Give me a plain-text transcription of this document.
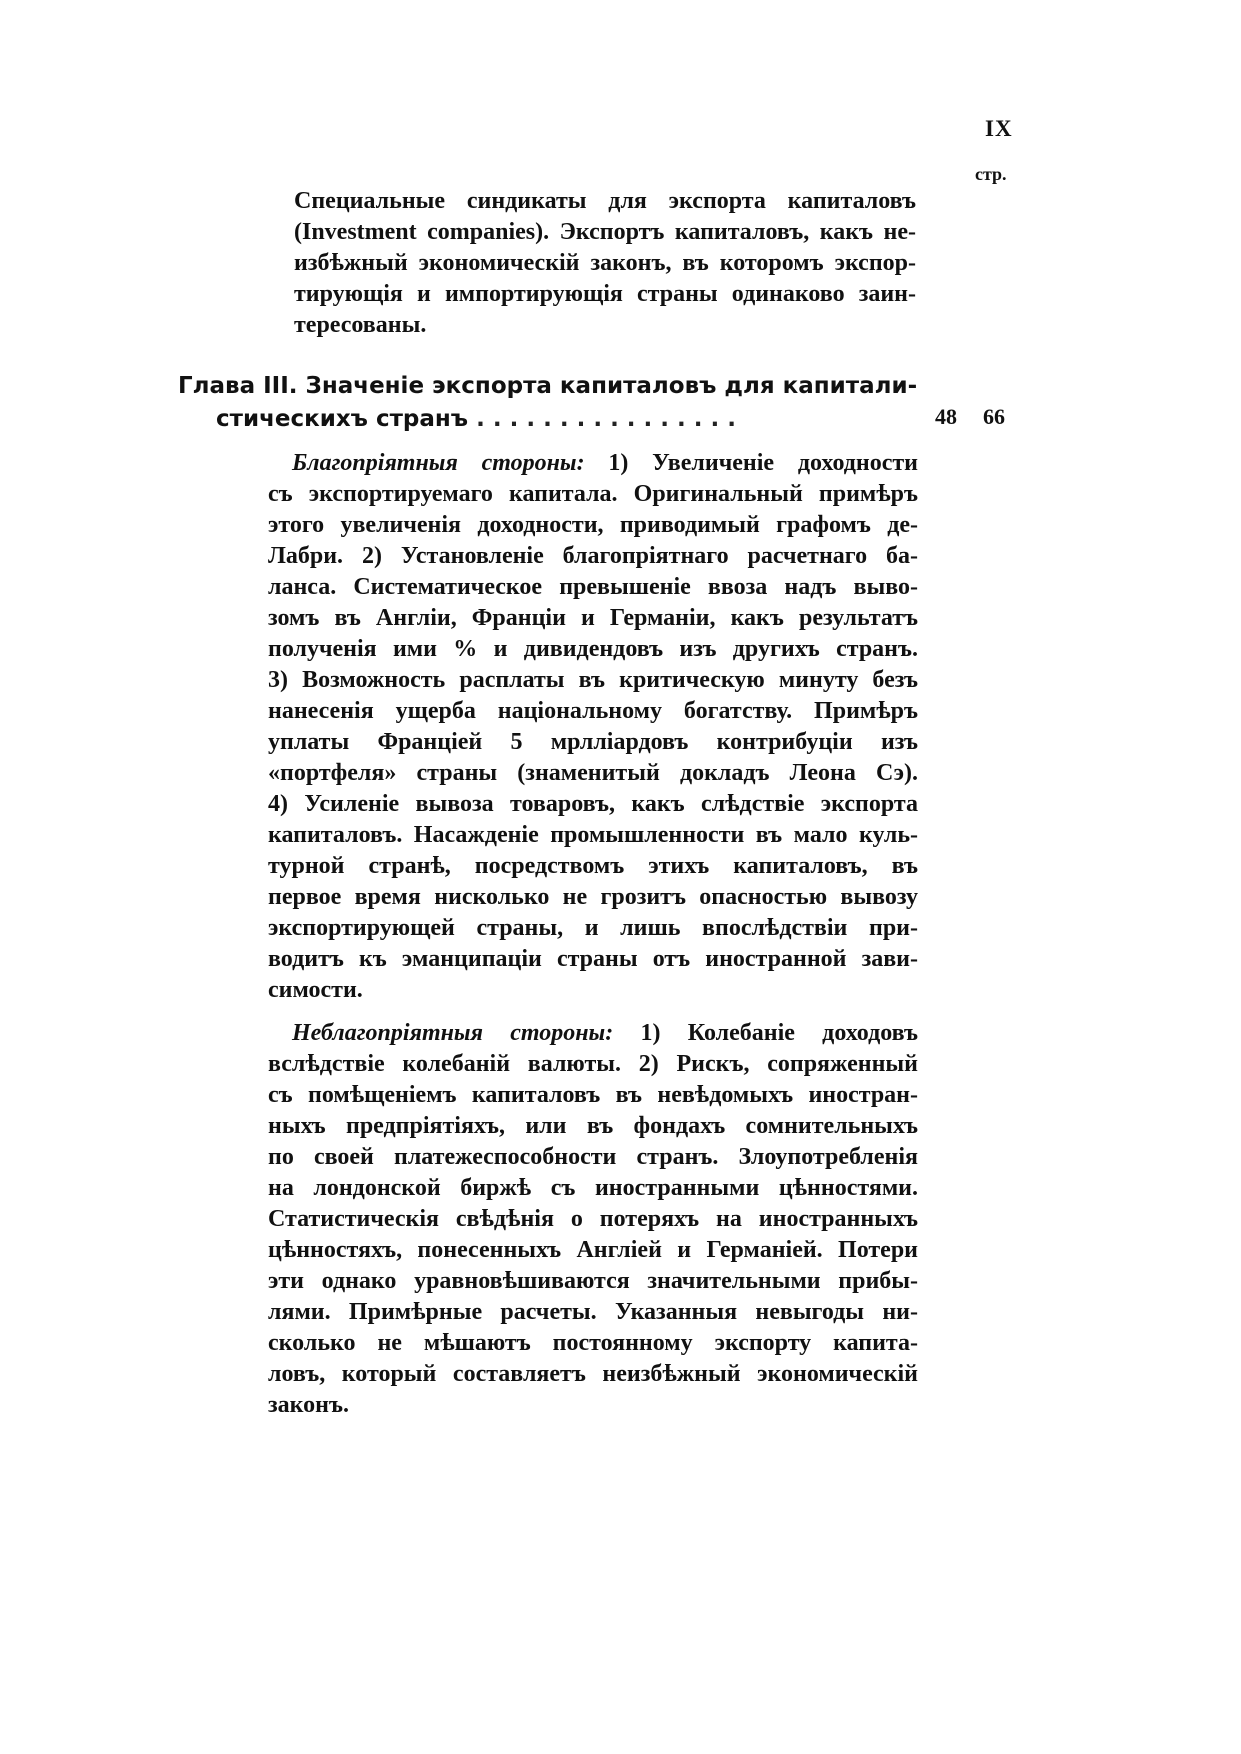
IX
стр.
Специальные синдикаты для экспорта капиталовъ
(Investment companies). Экспортъ капиталовъ, какъ не-
избѣжный экономическій законъ, въ которомъ экспор-
тирующія и импортирующія страны одинаково заин-
тересованы.
Глава III. Значеніе экспорта капиталовъ для капитали-
стическихъ странъ . . . . . . . . . . . . . . . .	48 66
Благопріятныя стороны: 1) Увеличеніе доходности
съ экспортируемаго капитала. Оригинальный примѣръ
этого увеличенія доходности, приводимый графомъ де-
Лабри. 2) Установленіе благопріятнаго расчетнаго ба-
ланса. Систематическое превышеніе ввоза надъ выво-
зомъ въ Англіи, Франціи и Германіи, какъ результатъ
полученія ими % и дивидендовъ изъ другихъ странъ.
3) Возможность расплаты въ критическую минуту безъ
нанесенія ущерба національному богатству. Примѣръ
уплаты Франціей 5 мрлліардовъ контрибуціи изъ
«портфеля» страны (знаменитый докладъ Леона Сэ).
4) Усиленіе вывоза товаровъ, какъ слѣдствіе экспорта
капиталовъ. Насажденіе промышленности въ мало куль-
турной странѣ, посредствомъ этихъ капиталовъ, въ
первое время нисколько не грозитъ опасностью вывозу
экспортирующей страны, и лишь впослѣдствіи при-
водитъ къ эманципаціи страны отъ иностранной зави-
симости.
Неблагопріятныя стороны: 1) Колебаніе доходовъ
вслѣдствіе колебаній валюты. 2) Рискъ, сопряженный
съ помѣщеніемъ капиталовъ въ невѣдомыхъ иностран-
ныхъ предпріятіяхъ, или въ фондахъ сомнительныхъ
по своей платежеспособности странъ. Злоупотребленія
на лондонской биржѣ съ иностранными цѣнностями.
Статистическія свѣдѣнія о потеряхъ на иностранныхъ
цѣнностяхъ, понесенныхъ Англіей и Германіей. Потери
эти однако уравновѣшиваются значительными прибы-
лями. Примѣрные расчеты. Указанныя невыгоды ни-
сколько не мѣшаютъ постоянному экспорту капита-
ловъ, который составляетъ неизбѣжный экономическій
законъ.
